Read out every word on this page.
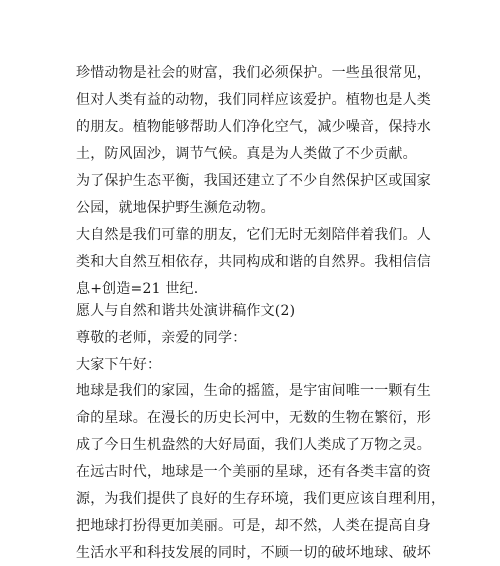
珍惜动物是社会的财富，我们必须保护。一些虽很常见，
但对人类有益的动物，我们同样应该爱护。植物也是人类
的朋友。植物能够帮助人们净化空气，减少噪音，保持水
土，防风固沙，调节气候。真是为人类做了不少贡献。
为了保护生态平衡，我国还建立了不少自然保护区或国家
公园，就地保护野生濒危动物。
大自然是我们可靠的朋友，它们无时无刻陪伴着我们。人
类和大自然互相依存，共同构成和谐的自然界。我相信信
息+创造=21 世纪.
愿人与自然和谐共处演讲稿作文(2)
尊敬的老师，亲爱的同学：
大家下午好：
地球是我们的家园，生命的摇篮，是宇宙间唯一一颗有生
命的星球。在漫长的历史长河中，无数的生物在繁衍，形
成了今日生机盎然的大好局面，我们人类成了万物之灵。
在远古时代，地球是一个美丽的星球，还有各类丰富的资
源，为我们提供了良好的生存环境，我们更应该自理利用，
把地球打扮得更加美丽。可是，却不然，人类在提高自身
生活水平和科技发展的同时，不顾一切的破坏地球、破坏
